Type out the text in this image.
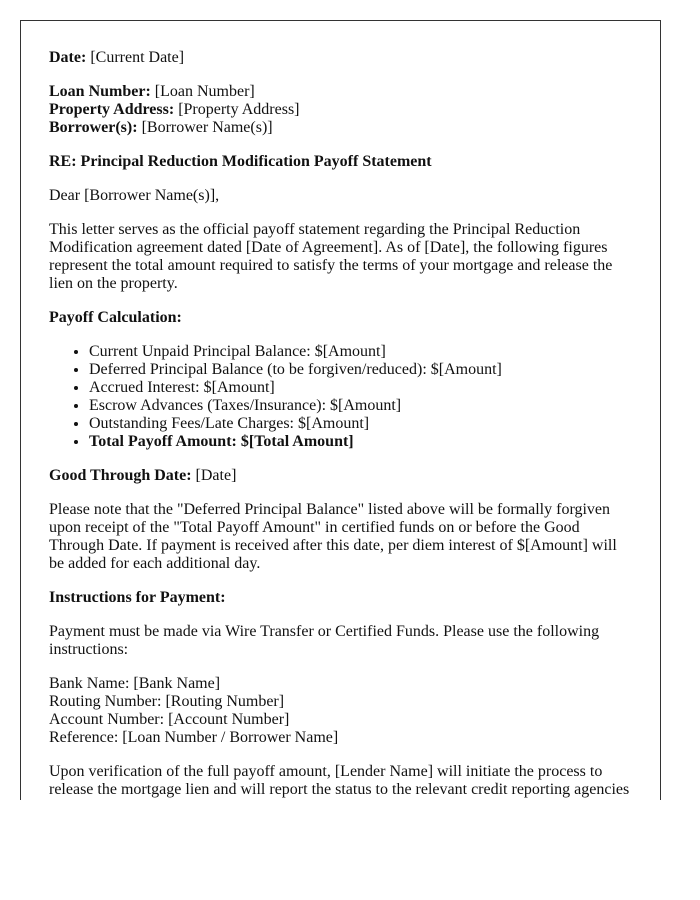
Date: [Current Date]

Loan Number: [Loan Number]
Property Address: [Property Address]
Borrower(s): [Borrower Name(s)]

RE: Principal Reduction Modification Payoff Statement

Dear [Borrower Name(s)],

This letter serves as the official payoff statement regarding the Principal Reduction Modification agreement dated [Date of Agreement]. As of [Date], the following figures represent the total amount required to satisfy the terms of your mortgage and release the lien on the property.

Payoff Calculation:

• Current Unpaid Principal Balance: $[Amount]
• Deferred Principal Balance (to be forgiven/reduced): $[Amount]
• Accrued Interest: $[Amount]
• Escrow Advances (Taxes/Insurance): $[Amount]
• Outstanding Fees/Late Charges: $[Amount]
• Total Payoff Amount: $[Total Amount]

Good Through Date: [Date]

Please note that the "Deferred Principal Balance" listed above will be formally forgiven upon receipt of the "Total Payoff Amount" in certified funds on or before the Good Through Date. If payment is received after this date, per diem interest of $[Amount] will be added for each additional day.

Instructions for Payment:

Payment must be made via Wire Transfer or Certified Funds. Please use the following instructions:

Bank Name: [Bank Name]
Routing Number: [Routing Number]
Account Number: [Account Number]
Reference: [Loan Number / Borrower Name]

Upon verification of the full payoff amount, [Lender Name] will initiate the process to release the mortgage lien and will report the status to the relevant credit reporting agencies
